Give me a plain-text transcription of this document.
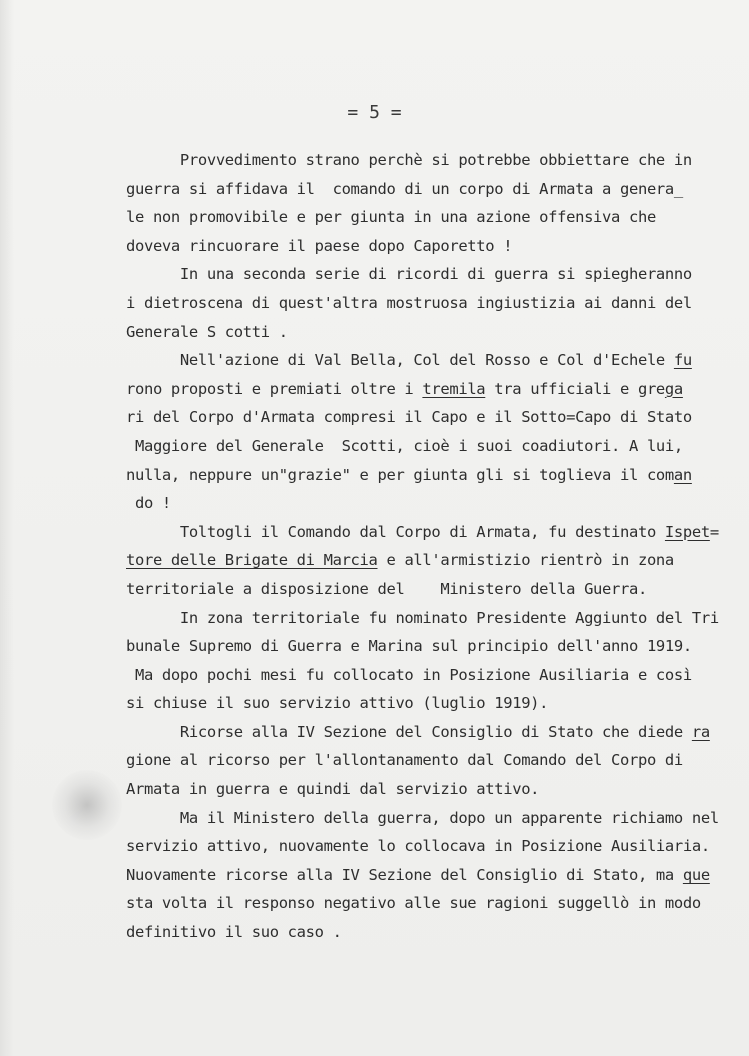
= 5 =
Provvedimento strano perchè si potrebbe obbiettare che in
guerra si affidava il  comando di un corpo di Armata a genera_
le non promovibile e per giunta in una azione offensiva che
doveva rincuorare il paese dopo Caporetto !
In una seconda serie di ricordi di guerra si spiegheranno
i dietroscena di quest'altra mostruosa ingiustizia ai danni del
Generale S cotti .
Nell'azione di Val Bella, Col del Rosso e Col d'Echele fu
rono proposti e premiati oltre i tremila tra ufficiali e grega
ri del Corpo d'Armata compresi il Capo e il Sotto=Capo di Stato
Maggiore del Generale  Scotti, cioè i suoi coadiutori. A lui,
nulla, neppure un"grazie" e per giunta gli si toglieva il coman
do !
Toltogli il Comando dal Corpo di Armata, fu destinato Ispet=
tore delle Brigate di Marcia e all'armistizio rientrò in zona
territoriale a disposizione del    Ministero della Guerra.
In zona territoriale fu nominato Presidente Aggiunto del Tri
bunale Supremo di Guerra e Marina sul principio dell'anno 1919.
Ma dopo pochi mesi fu collocato in Posizione Ausiliaria e così
si chiuse il suo servizio attivo (luglio 1919).
Ricorse alla IV Sezione del Consiglio di Stato che diede ra
gione al ricorso per l'allontanamento dal Comando del Corpo di
Armata in guerra e quindi dal servizio attivo.
Ma il Ministero della guerra, dopo un apparente richiamo nel
servizio attivo, nuovamente lo collocava in Posizione Ausiliaria.
Nuovamente ricorse alla IV Sezione del Consiglio di Stato, ma que
sta volta il responso negativo alle sue ragioni suggellò in modo
definitivo il suo caso .
